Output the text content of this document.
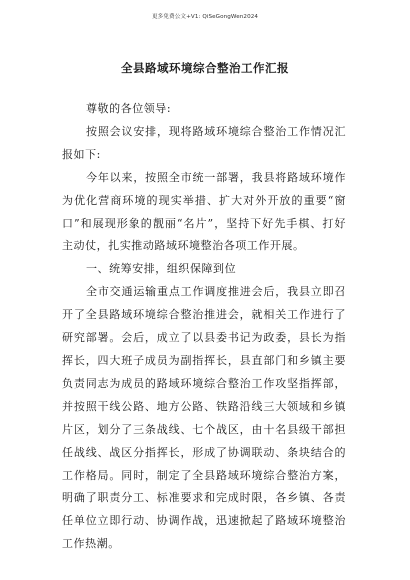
更多免费公文+V1: QiSeGongWen2024
全县路域环境综合整治工作汇报

尊敬的各位领导:

按照会议安排，现将路域环境综合整治工作情况汇报如下:

今年以来，按照全市统一部署，我县将路域环境作为优化营商环境的现实举措、扩大对外开放的重要“窗口”和展现形象的靓丽“名片”，坚持下好先手棋、打好主动仗，扎实推动路域环境整治各项工作开展。

一、统筹安排，组织保障到位

全市交通运输重点工作调度推进会后，我县立即召开了全县路域环境综合整治推进会，就相关工作进行了研究部署。会后，成立了以县委书记为政委，县长为指挥长，四大班子成员为副指挥长，县直部门和乡镇主要负责同志为成员的路域环境综合整治工作攻坚指挥部，并按照干线公路、地方公路、铁路沿线三大领域和乡镇片区，划分了三条战线、七个战区，由十名县级干部担任战线、战区分指挥长，形成了协调联动、条块结合的工作格局。同时，制定了全县路域环境综合整治方案，明确了职责分工、标准要求和完成时限，各乡镇、各责任单位立即行动、协调作战，迅速掀起了路域环境整治工作热潮。
